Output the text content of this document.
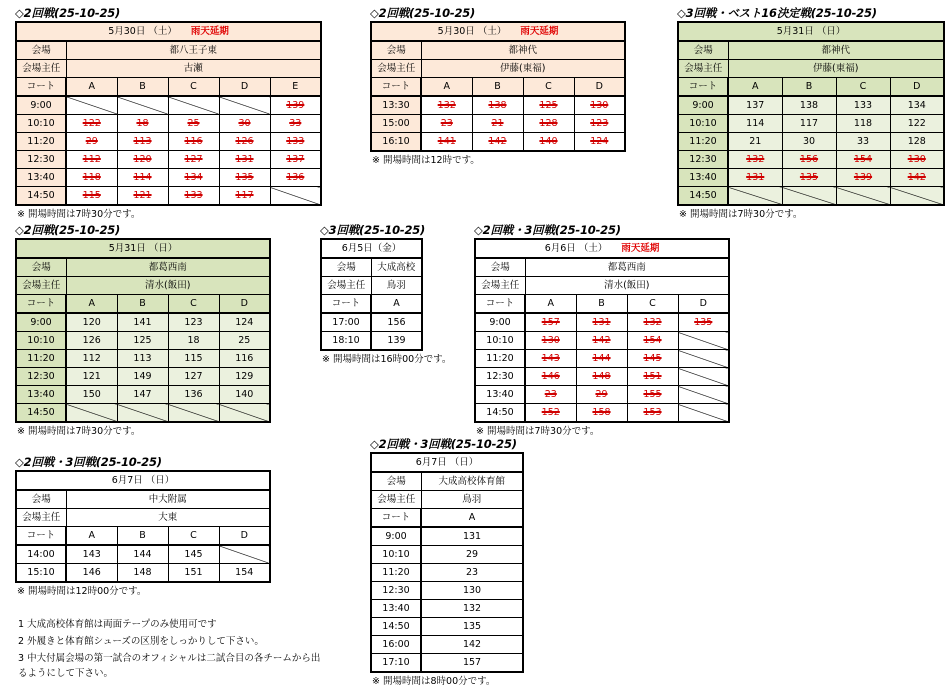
◇2回戦(25-10-25)
5月30日 （土） 雨天延期					
会場	都八王子東				
会場主任	古瀬				
コート	A	B	C	D	E
9:00					139
10:10	122	18	25	30	33
11:20	29	113	116	126	133
12:30	112	120	127	131	137
13:40	118	114	134	135	136
14:50	115	121	133	117	
※ 開場時間は7時30分です。
◇2回戦(25-10-25)
5月30日 （土） 雨天延期				
会場	都神代			
会場主任	伊藤(東福)			
コート	A	B	C	D
13:30	132	138	125	130
15:00	23	21	128	123
16:10	141	142	140	124
※ 開場時間は12時です。
◇3回戦・ベスト16決定戦(25-10-25)
5月31日 （日）				
会場	都神代			
会場主任	伊藤(東福)			
コート	A	B	C	D
9:00	137	138	133	134
10:10	114	117	118	122
11:20	21	30	33	128
12:30	132	156	154	130
13:40	131	135	139	142
14:50				
※ 開場時間は7時30分です。
◇2回戦(25-10-25)
5月31日 （日）				
会場	都葛西南			
会場主任	清水(飯田)			
コート	A	B	C	D
9:00	120	141	123	124
10:10	126	125	18	25
11:20	112	113	115	116
12:30	121	149	127	129
13:40	150	147	136	140
14:50				
※ 開場時間は7時30分です。
◇3回戦(25-10-25)
6月5日（金）	
会場	大成高校
会場主任	鳥羽
コート	A
17:00	156
18:10	139
※ 開場時間は16時00分です。
◇2回戦・3回戦(25-10-25)
6月6日 （土） 雨天延期				
会場	都葛西南			
会場主任	清水(飯田)			
コート	A	B	C	D
9:00	157	131	132	135
10:10	130	142	154	
11:20	143	144	145	
12:30	146	148	151	
13:40	23	29	155	
14:50	152	158	153	
※ 開場時間は7時30分です。
◇2回戦・3回戦(25-10-25)
6月7日 （日）				
会場	中大附属			
会場主任	大東			
コート	A	B	C	D
14:00	143	144	145	
15:10	146	148	151	154
※ 開場時間は12時00分です。
◇2回戦・3回戦(25-10-25)
6月7日 （日）	
会場	大成高校体育館
会場主任	鳥羽
コート	A
9:00	131
10:10	29
11:20	23
12:30	130
13:40	132
14:50	135
16:00	142
17:10	157
※ 開場時間は8時00分です。
1 大成高校体育館は両面テープのみ使用可です
2 外履きと体育館シューズの区別をしっかりして下さい。
3 中大付属会場の第一試合のオフィシャルは二試合目の各チームから出るようにして下さい。
